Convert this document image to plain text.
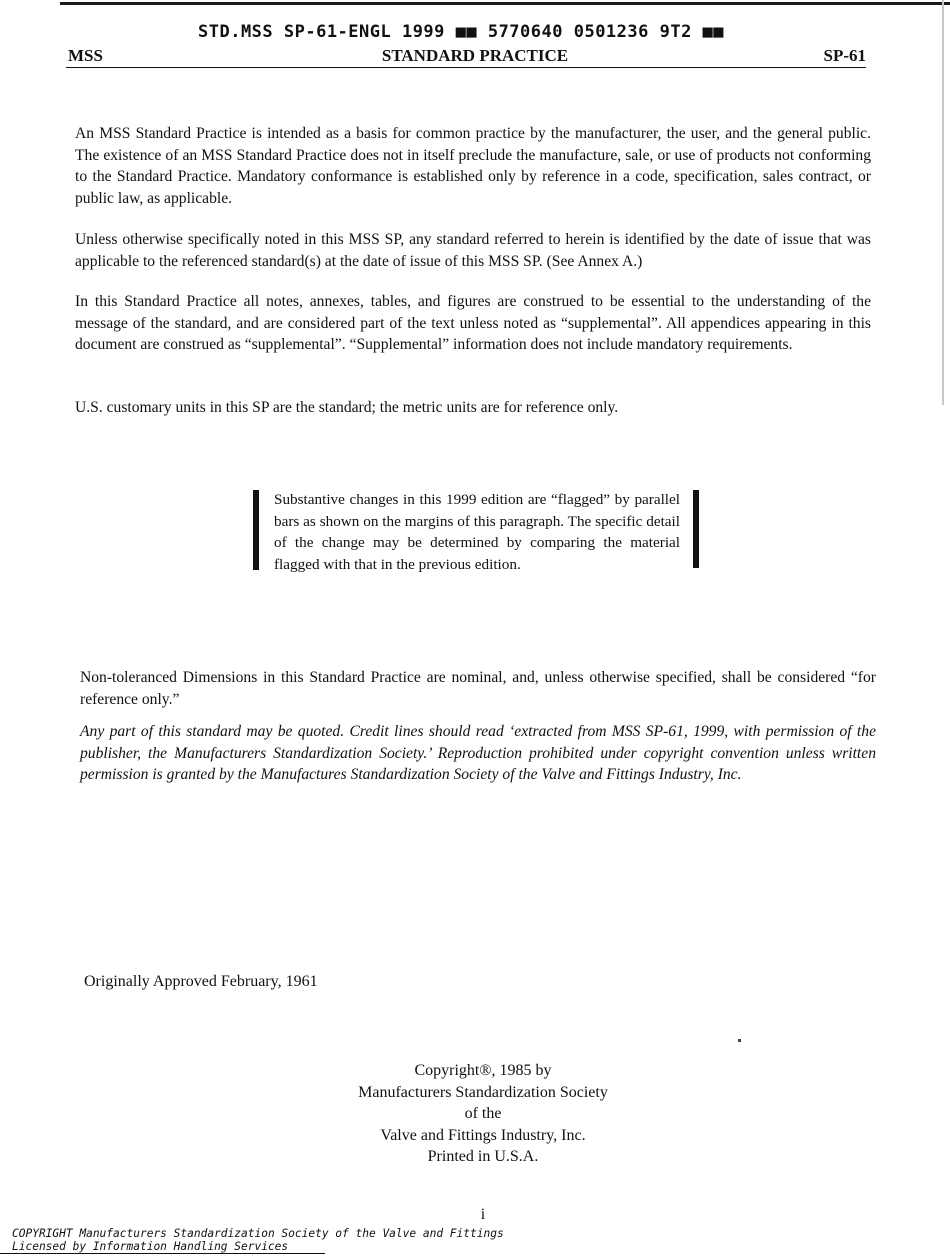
STD.MSS SP-61-ENGL 1999 ■■ 5770640 0501236 9T2 ■■
MSS	STANDARD PRACTICE	SP-61
An MSS Standard Practice is intended as a basis for common practice by the manufacturer, the user, and the general public. The existence of an MSS Standard Practice does not in itself preclude the manufacture, sale, or use of products not conforming to the Standard Practice. Mandatory conformance is established only by reference in a code, specification, sales contract, or public law, as applicable.
Unless otherwise specifically noted in this MSS SP, any standard referred to herein is identified by the date of issue that was applicable to the referenced standard(s) at the date of issue of this MSS SP. (See Annex A.)
In this Standard Practice all notes, annexes, tables, and figures are construed to be essential to the understanding of the message of the standard, and are considered part of the text unless noted as “supplemental”. All appendices appearing in this document are construed as “supplemental”. “Supplemental” information does not include mandatory requirements.
U.S. customary units in this SP are the standard; the metric units are for reference only.
Substantive changes in this 1999 edition are “flagged” by parallel bars as shown on the margins of this paragraph. The specific detail of the change may be determined by comparing the material flagged with that in the previous edition.
Non-toleranced Dimensions in this Standard Practice are nominal, and, unless otherwise specified, shall be considered “for reference only.”
Any part of this standard may be quoted. Credit lines should read ‘extracted from MSS SP-61, 1999, with permission of the publisher, the Manufacturers Standardization Society.’ Reproduction prohibited under copyright convention unless written permission is granted by the Manufactures Standardization Society of the Valve and Fittings Industry, Inc.
Originally Approved February, 1961
Copyright®, 1985 by
Manufacturers Standardization Society
of the
Valve and Fittings Industry, Inc.
Printed in U.S.A.
i
COPYRIGHT Manufacturers Standardization Society of the Valve and Fittings
Licensed by Information Handling Services
